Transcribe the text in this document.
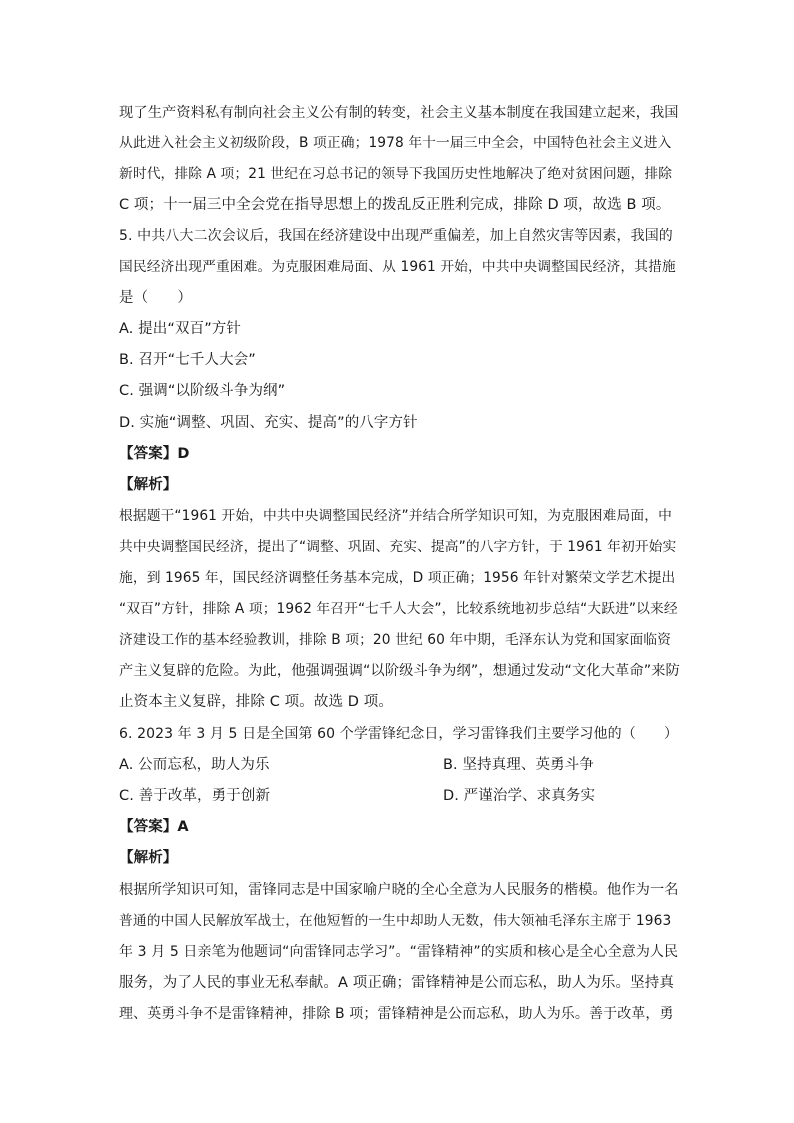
现了生产资料私有制向社会主义公有制的转变，社会主义基本制度在我国建立起来，我国
从此进入社会主义初级阶段，B 项正确；1978 年十一届三中全会，中国特色社会主义进入
新时代，排除 A 项；21 世纪在习总书记的领导下我国历史性地解决了绝对贫困问题，排除
C 项；十一届三中全会党在指导思想上的拨乱反正胜利完成，排除 D 项，故选 B 项。
5. 中共八大二次会议后，我国在经济建设中出现严重偏差，加上自然灾害等因素，我国的
国民经济出现严重困难。为克服困难局面、从 1961 开始，中共中央调整国民经济，其措施
是（　　）
A. 提出“双百”方针
B. 召开“七千人大会”
C. 强调“以阶级斗争为纲”
D. 实施“调整、巩固、充实、提高”的八字方针
【答案】D
【解析】
根据题干“1961 开始，中共中央调整国民经济”并结合所学知识可知，为克服困难局面，中
共中央调整国民经济，提出了“调整、巩固、充实、提高”的八字方针，于 1961 年初开始实
施，到 1965 年，国民经济调整任务基本完成，D 项正确；1956 年针对繁荣文学艺术提出
“双百”方针，排除 A 项；1962 年召开“七千人大会”，比较系统地初步总结“大跃进”以来经
济建设工作的基本经验教训，排除 B 项；20 世纪 60 年中期，毛泽东认为党和国家面临资
产主义复辟的危险。为此，他强调强调“以阶级斗争为纲”，想通过发动“文化大革命”来防
止资本主义复辟，排除 C 项。故选 D 项。
6. 2023 年 3 月 5 日是全国第 60 个学雷锋纪念日，学习雷锋我们主要学习他的（　　）
A. 公而忘私，助人为乐	B. 坚持真理、英勇斗争
C. 善于改革，勇于创新	D. 严谨治学、求真务实
【答案】A
【解析】
根据所学知识可知，雷锋同志是中国家喻户晓的全心全意为人民服务的楷模。他作为一名
普通的中国人民解放军战士，在他短暂的一生中却助人无数，伟大领袖毛泽东主席于 1963
年 3 月 5 日亲笔为他题词“向雷锋同志学习”。“雷锋精神”的实质和核心是全心全意为人民
服务，为了人民的事业无私奉献。A 项正确；雷锋精神是公而忘私，助人为乐。坚持真
理、英勇斗争不是雷锋精神，排除 B 项；雷锋精神是公而忘私，助人为乐。善于改革，勇
